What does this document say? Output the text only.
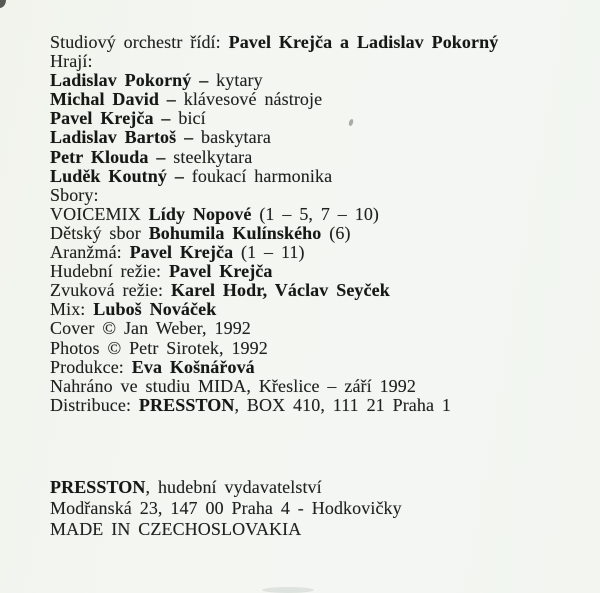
Studiový orchestr řídí: Pavel Krejča a Ladislav Pokorný
Hrají:
Ladislav Pokorný – kytary
Michal David – klávesové nástroje
Pavel Krejča – bicí
Ladislav Bartoš – baskytara
Petr Klouda – steelkytara
Luděk Koutný – foukací harmonika
Sbory:
VOICEMIX Lídy Nopové (1 – 5, 7 – 10)
Dětský sbor Bohumila Kulínského (6)
Aranžmá: Pavel Krejča (1 – 11)
Hudební režie: Pavel Krejča
Zvuková režie: Karel Hodr, Václav Seyček
Mix: Luboš Nováček
Cover © Jan Weber, 1992
Photos © Petr Sirotek, 1992
Produkce: Eva Košnářová
Nahráno ve studiu MIDA, Křeslice – září 1992
Distribuce: PRESSTON, BOX 410, 111 21 Praha 1
PRESSTON, hudební vydavatelství
Modřanská 23, 147 00 Praha 4 - Hodkovičky
MADE IN CZECHOSLOVAKIA
